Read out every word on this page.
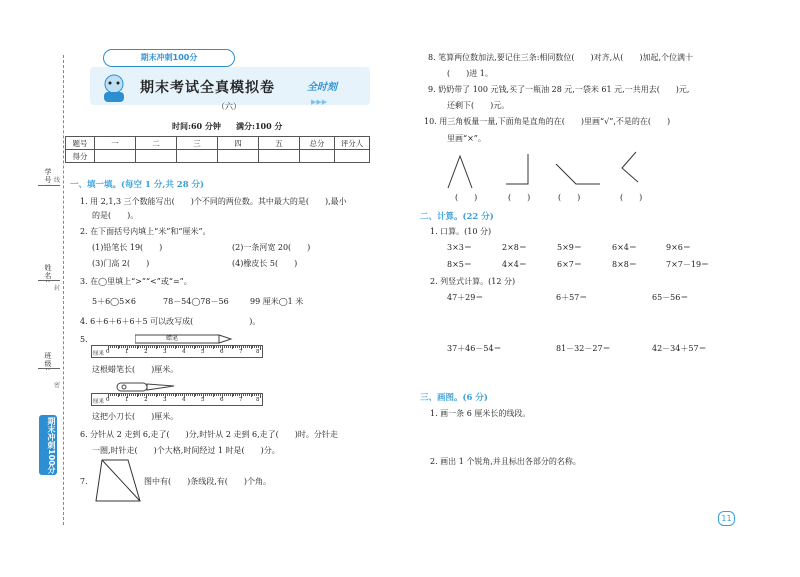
学号:
姓名:
班级:
线
封
密
期末冲刺100分
期末冲刺100分
期末考试全真模拟卷
（六）
全时刻
▶▶▶
时间:60 分钟 满分:100 分
题号	一	二	三	四	五	总分	评分人
得分							
一、填一填。(每空 1 分,共 28 分)
1. 用 2,1,3 三个数能写出(　　)个不同的两位数。其中最大的是(　　),最小
的是(　　)。
2. 在下面括号内填上“米”和“厘米”。
(1)铅笔长 19(　　)	(2)一条河宽 20(　　)
(3)门高 2(　　)	(4)橡皮长 5(　　)
3. 在◯里填上“>”“<”或“=”。
5＋6◯5×6	78－54◯78－56	99 厘米◯1 米
4. 6＋6＋6＋6＋5 可以改写成(　　　　　　　)。
5.	蜡笔
厘米 0	1	2	3	4	5	6	7 8
这根蜡笔长(　　)厘米。
厘米 0	1	2	3	4	5	6	7 8
这把小刀长(　　)厘米。
6. 分针从 2 走到 6,走了(　　)分,时针从 2 走到 6,走了(　　)时。分针走
一圈,时针走(　　)个大格,时间经过 1 时是(　　)分。
7.	图中有(　　)条线段,有(　　)个角。
8. 笔算两位数加法,要记住三条:相同数位(　　)对齐,从(　　)加起,个位满十
(　　)进 1。
9. 奶奶带了 100 元钱,买了一瓶油 28 元,一袋米 61 元,一共用去(　　)元,
还剩下(　　)元。
10. 用三角板量一量,下面角是直角的在(　　)里画“√”,不是的在(　　)
里画“×”。
(　　)	(　　)	(　　)	(　　)
二、计算。(22 分)
1. 口算。(10 分)
3×3＝	2×8＝	5×9＝	6×4＝	9×6＝
8×5＝	4×4＝	6×7＝	8×8＝	7×7－19＝
2. 列竖式计算。(12 分)
47＋29＝	6＋57＝	65－56＝
37＋46－54＝	81－32－27＝	42－34＋57＝
三、画图。(6 分)
1. 画一条 6 厘米长的线段。
2. 画出 1 个锐角,并且标出各部分的名称。
11
